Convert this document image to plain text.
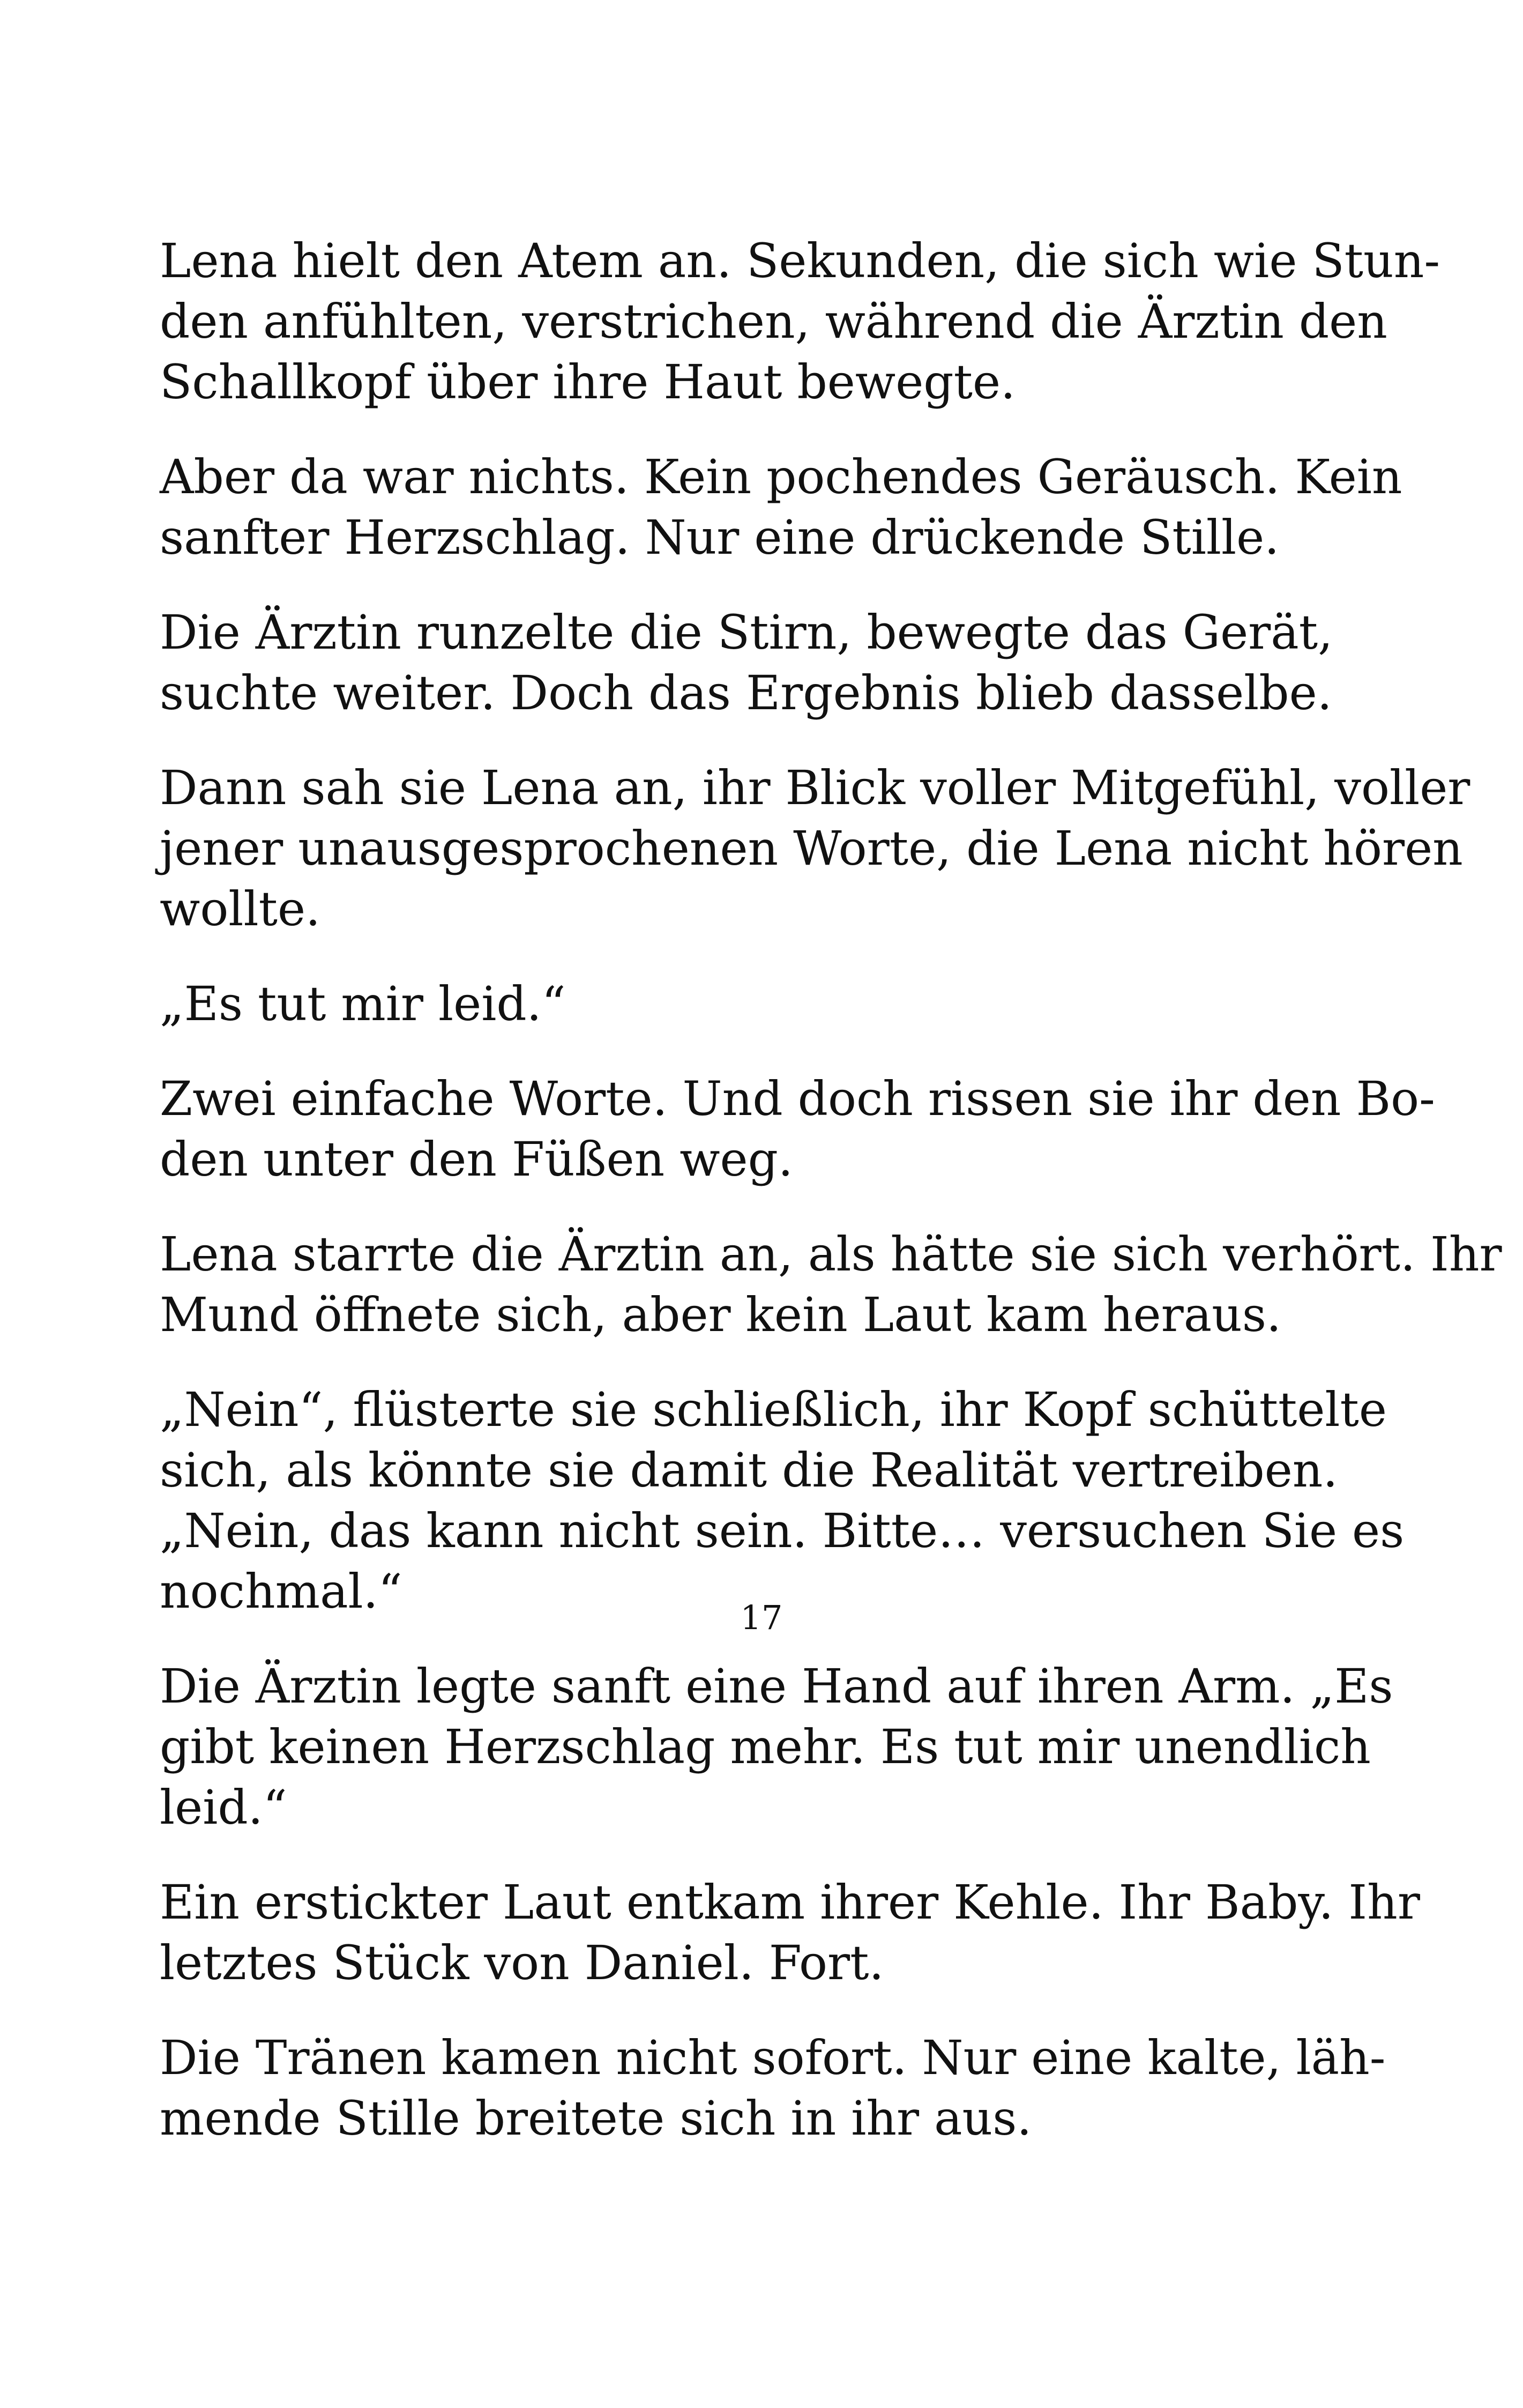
Lena hielt den Atem an. Sekunden, die sich wie Stun-
den anfühlten, verstrichen, während die Ärztin den
Schallkopf über ihre Haut bewegte.

Aber da war nichts. Kein pochendes Geräusch. Kein
sanfter Herzschlag. Nur eine drückende Stille.

Die Ärztin runzelte die Stirn, bewegte das Gerät,
suchte weiter. Doch das Ergebnis blieb dasselbe.

Dann sah sie Lena an, ihr Blick voller Mitgefühl, voller
jener unausgesprochenen Worte, die Lena nicht hören
wollte.

„Es tut mir leid.“

Zwei einfache Worte. Und doch rissen sie ihr den Bo-
den unter den Füßen weg.

Lena starrte die Ärztin an, als hätte sie sich verhört. Ihr
Mund öffnete sich, aber kein Laut kam heraus.

„Nein“, flüsterte sie schließlich, ihr Kopf schüttelte
sich, als könnte sie damit die Realität vertreiben.
„Nein, das kann nicht sein. Bitte… versuchen Sie es
nochmal.“

Die Ärztin legte sanft eine Hand auf ihren Arm. „Es
gibt keinen Herzschlag mehr. Es tut mir unendlich
leid.“

Ein erstickter Laut entkam ihrer Kehle. Ihr Baby. Ihr
letztes Stück von Daniel. Fort.

Die Tränen kamen nicht sofort. Nur eine kalte, läh-
mende Stille breitete sich in ihr aus.

17
